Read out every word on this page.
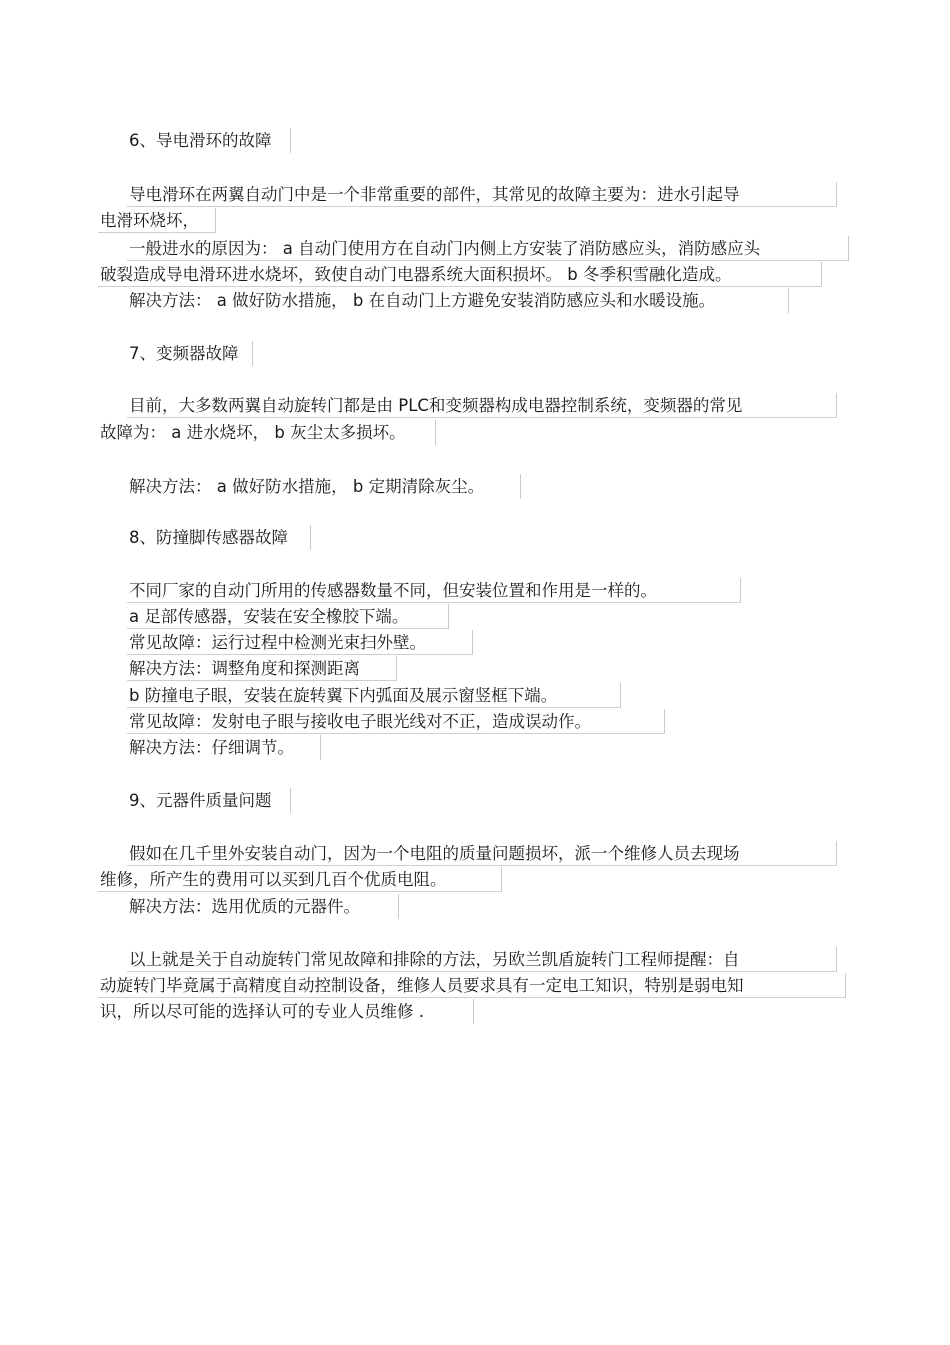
6、导电滑环的故障
导电滑环在两翼自动门中是一个非常重要的部件，其常见的故障主要为：进水引起导
电滑环烧坏，
一般进水的原因为： a 自动门使用方在自动门内侧上方安装了消防感应头，消防感应头
破裂造成导电滑环进水烧坏，致使自动门电器系统大面积损坏。 b 冬季积雪融化造成。
解决方法： a 做好防水措施， b 在自动门上方避免安装消防感应头和水暖设施。
7、变频器故障
目前，大多数两翼自动旋转门都是由 PLC和变频器构成电器控制系统，变频器的常见
故障为： a 进水烧坏， b 灰尘太多损坏。
解决方法： a 做好防水措施， b 定期清除灰尘。
8、防撞脚传感器故障
不同厂家的自动门所用的传感器数量不同，但安装位置和作用是一样的。
a 足部传感器，安装在安全橡胶下端。
常见故障：运行过程中检测光束扫外壁。
解决方法：调整角度和探测距离
b 防撞电子眼，安装在旋转翼下内弧面及展示窗竖框下端。
常见故障：发射电子眼与接收电子眼光线对不正，造成误动作。
解决方法：仔细调节。
9、元器件质量问题
假如在几千里外安装自动门，因为一个电阻的质量问题损坏，派一个维修人员去现场
维修，所产生的费用可以买到几百个优质电阻。
解决方法：选用优质的元器件。
以上就是关于自动旋转门常见故障和排除的方法，另欧兰凯盾旋转门工程师提醒：自
动旋转门毕竟属于高精度自动控制设备，维修人员要求具有一定电工知识，特别是弱电知
识，所以尽可能的选择认可的专业人员维修 .
